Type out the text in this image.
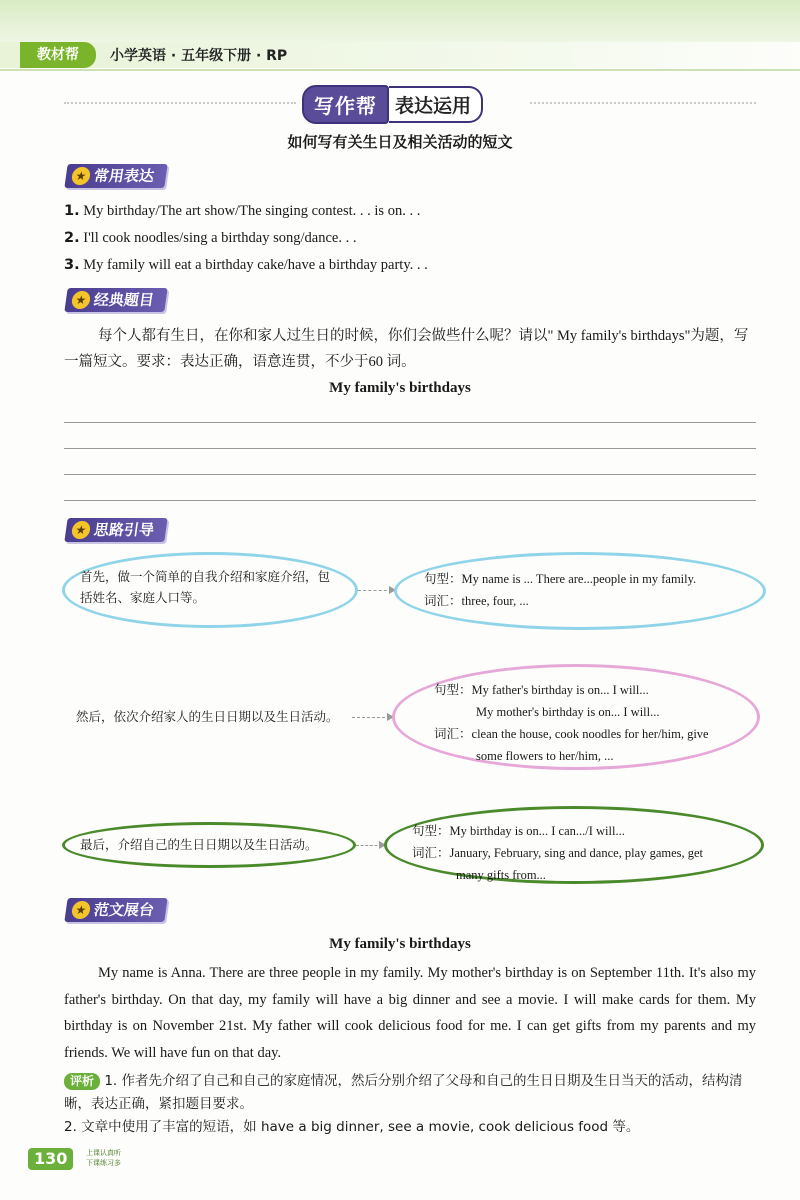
教材帮	小学英语 · 五年级下册 · RP
写作帮 表达运用
如何写有关生日及相关活动的短文
★ 常用表达
1. My birthday/The art show/The singing contest. . . is on. . .
2. I'll cook noodles/sing a birthday song/dance. . .
3. My family will eat a birthday cake/have a birthday party. . .
★ 经典题目
每个人都有生日，在你和家人过生日的时候，你们会做些什么呢？请以" My family's birthdays"为题，写一篇短文。要求：表达正确，语意连贯，不少于60 词。
My family's birthdays
★ 思路引导
首先，做一个简单的自我介绍和家庭介绍，包括姓名、家庭人口等。
句型：My name is ... There are...people in my family.
词汇：three, four, ...
然后，依次介绍家人的生日日期以及生日活动。
句型：My father's birthday is on... I will...
My mother's birthday is on... I will...
词汇：clean the house, cook noodles for her/him, give
some flowers to her/him, ...
最后，介绍自己的生日日期以及生日活动。
句型：My birthday is on... I can.../I will...
词汇：January, February, sing and dance, play games, get
many gifts from...
★ 范文展台
My family's birthdays
My name is Anna. There are three people in my family. My mother's birthday is on September 11th. It's also my father's birthday. On that day, my family will have a big dinner and see a movie. I will make cards for them. My birthday is on November 21st. My father will cook delicious food for me. I can get gifts from my parents and my friends. We will have fun on that day.
评析 1. 作者先介绍了自己和自己的家庭情况，然后分别介绍了父母和自己的生日日期及生日当天的活动，结构清晰，表达正确，紧扣题目要求。
2. 文章中使用了丰富的短语，如 have a big dinner, see a movie, cook delicious food 等。
130	上课认真听
下课练习多
